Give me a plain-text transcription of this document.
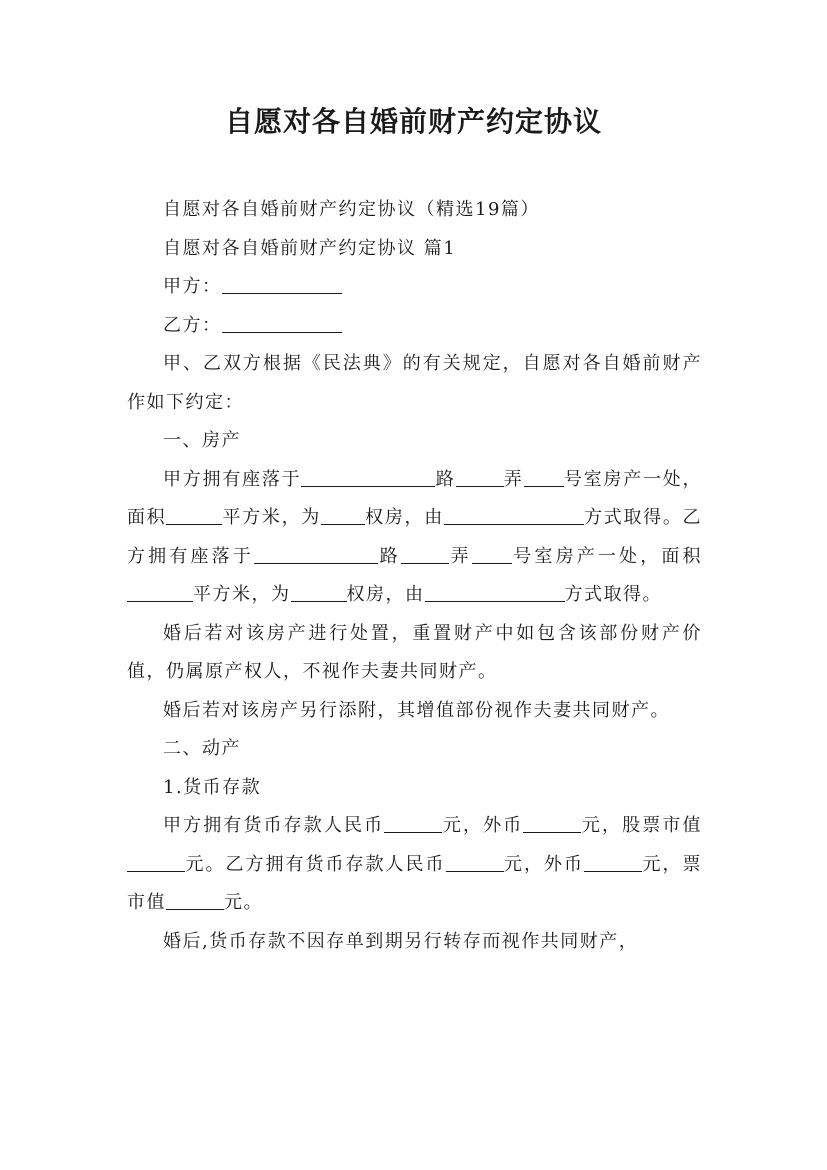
自愿对各自婚前财产约定协议

自愿对各自婚前财产约定协议（精选19篇）

自愿对各自婚前财产约定协议 篇1

甲方：

乙方：

甲、乙双方根据《民法典》的有关规定，自愿对各自婚前财产作如下约定：

一、房产

甲方拥有座落于	路	弄 号室房产一处，面积	平方米，为 权房，由	方式取得。乙方拥有座落于	路	弄 号室房产一处，面积平方米，为	权房，由	方式取得。

婚后若对该房产进行处置，重置财产中如包含该部份财产价值，仍属原产权人，不视作夫妻共同财产。

婚后若对该房产另行添附，其增值部份视作夫妻共同财产。

二、动产

1.货币存款

甲方拥有货币存款人民币	元，外币	元，股票市值元。乙方拥有货币存款人民币	元，外币	元，票市值	元。

婚后,货币存款不因存单到期另行转存而视作共同财产，
